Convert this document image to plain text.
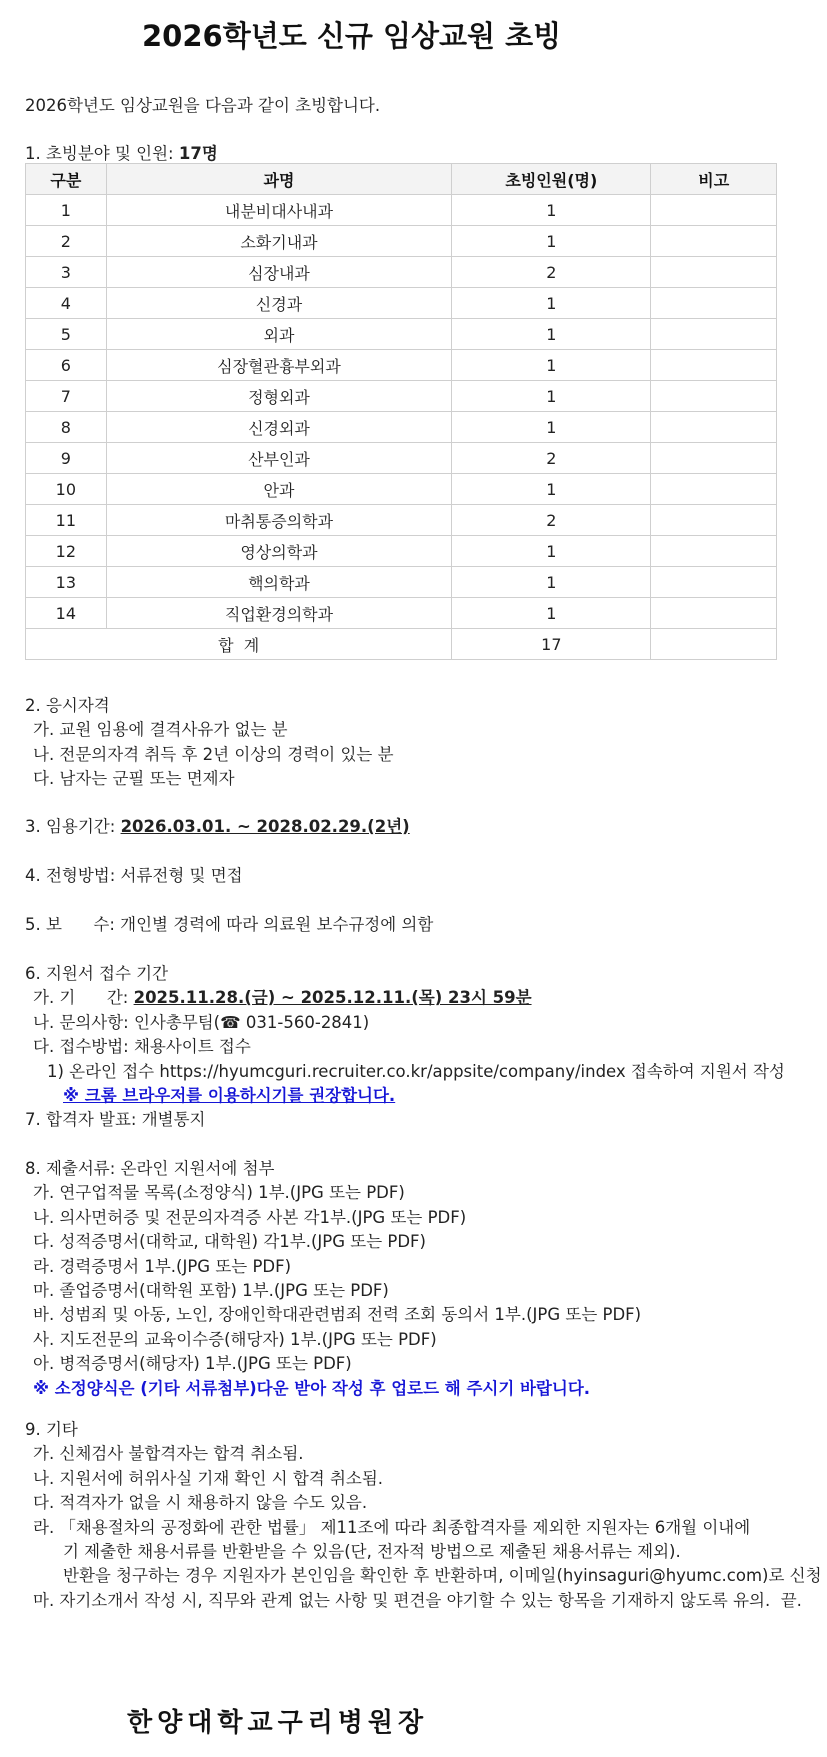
2026학년도 신규 임상교원 초빙
2026학년도 임상교원을 다음과 같이 초빙합니다.
1. 초빙분야 및 인원: 17명
구분	과명	초빙인원(명)	비고
1	내분비대사내과	1	
2	소화기내과	1	
3	심장내과	2	
4	신경과	1	
5	외과	1	
6	심장혈관흉부외과	1	
7	정형외과	1	
8	신경외과	1	
9	산부인과	2	
10	안과	1	
11	마취통증의학과	2	
12	영상의학과	1	
13	핵의학과	1	
14	직업환경의학과	1	
합  계		17	
2. 응시자격
가. 교원 임용에 결격사유가 없는 분
나. 전문의자격 취득 후 2년 이상의 경력이 있는 분
다. 남자는 군필 또는 면제자
3. 임용기간: 2026.03.01. ~ 2028.02.29.(2년)
4. 전형방법: 서류전형 및 면접
5. 보      수: 개인별 경력에 따라 의료원 보수규정에 의함
6. 지원서 접수 기간
가. 기      간: 2025.11.28.(금) ~ 2025.12.11.(목) 23시 59분
나. 문의사항: 인사총무팀(☎ 031-560-2841)
다. 접수방법: 채용사이트 접수
1) 온라인 접수 https://hyumcguri.recruiter.co.kr/appsite/company/index 접속하여 지원서 작성
※ 크롬 브라우저를 이용하시기를 권장합니다.
7. 합격자 발표: 개별통지
8. 제출서류: 온라인 지원서에 첨부
가. 연구업적물 목록(소정양식) 1부.(JPG 또는 PDF)
나. 의사면허증 및 전문의자격증 사본 각1부.(JPG 또는 PDF)
다. 성적증명서(대학교, 대학원) 각1부.(JPG 또는 PDF)
라. 경력증명서 1부.(JPG 또는 PDF)
마. 졸업증명서(대학원 포함) 1부.(JPG 또는 PDF)
바. 성범죄 및 아동, 노인, 장애인학대관련범죄 전력 조회 동의서 1부.(JPG 또는 PDF)
사. 지도전문의 교육이수증(해당자) 1부.(JPG 또는 PDF)
아. 병적증명서(해당자) 1부.(JPG 또는 PDF)
※ 소정양식은 (기타 서류첨부)다운 받아 작성 후 업로드 해 주시기 바랍니다.
9. 기타
가. 신체검사 불합격자는 합격 취소됨.
나. 지원서에 허위사실 기재 확인 시 합격 취소됨.
다. 적격자가 없을 시 채용하지 않을 수도 있음.
라. 「채용절차의 공정화에 관한 법률」 제11조에 따라 최종합격자를 제외한 지원자는 6개월 이내에
기 제출한 채용서류를 반환받을 수 있음(단, 전자적 방법으로 제출된 채용서류는 제외).
반환을 청구하는 경우 지원자가 본인임을 확인한 후 반환하며, 이메일(hyinsaguri@hyumc.com)로 신청
마. 자기소개서 작성 시, 직무와 관계 없는 사항 및 편견을 야기할 수 있는 항목을 기재하지 않도록 유의.  끝.
한양대학교구리병원장
